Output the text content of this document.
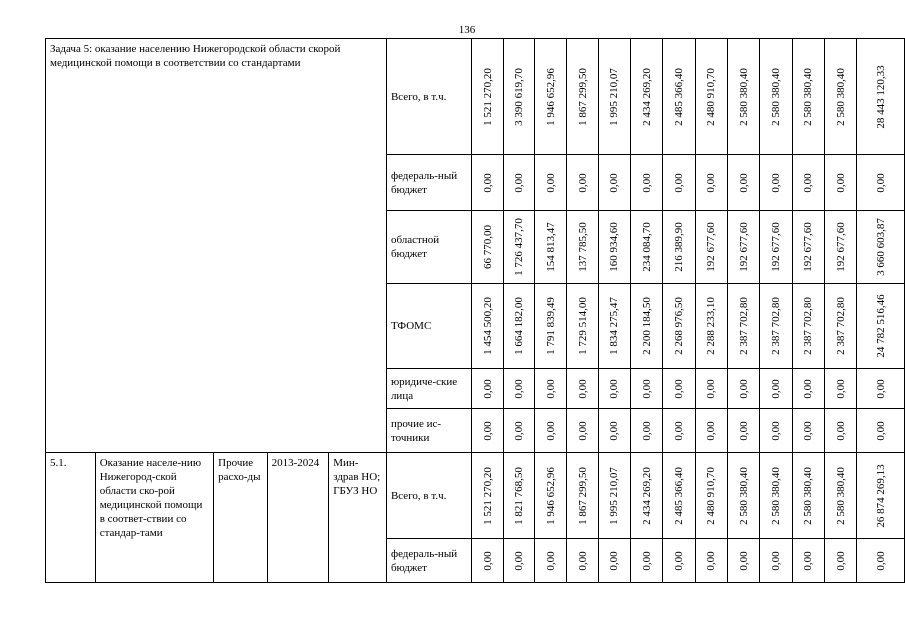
136
Задача 5: оказание населению Нижегородской области скорой медицинской помощи в соответствии со стандартами					Всего, в т.ч.	1 521 270,20	3 390 619,70	1 946 652,96	1 867 299,50	1 995 210,07	2 434 269,20	2 485 366,40	2 480 910,70	2 580 380,40	2 580 380,40	2 580 380,40	2 580 380,40	28 443 120,33

					федераль-ный бюджет	0,00	0,00	0,00	0,00	0,00	0,00	0,00	0,00	0,00	0,00	0,00	0,00	0,00

					областной бюджет	66 770,00	1 726 437,70	154 813,47	137 785,50	160 934,60	234 084,70	216 389,90	192 677,60	192 677,60	192 677,60	192 677,60	192 677,60	3 660 603,87

					ТФОМС	1 454 500,20	1 664 182,00	1 791 839,49	1 729 514,00	1 834 275,47	2 200 184,50	2 268 976,50	2 288 233,10	2 387 702,80	2 387 702,80	2 387 702,80	2 387 702,80	24 782 516,46

					юридиче-ские лица	0,00	0,00	0,00	0,00	0,00	0,00	0,00	0,00	0,00	0,00	0,00	0,00	0,00

					прочие ис-точники	0,00	0,00	0,00	0,00	0,00	0,00	0,00	0,00	0,00	0,00	0,00	0,00	0,00

5.1.	Оказание населе-нию Нижегород-ской области ско-рой медицинской помощи в соответ-ствии со стандар-тами	Прочие расхо-ды	2013-2024	Мин-здрав НО; ГБУЗ НО	Всего, в т.ч.	1 521 270,20	1 821 768,50	1 946 652,96	1 867 299,50	1 995 210,07	2 434 269,20	2 485 366,40	2 480 910,70	2 580 380,40	2 580 380,40	2 580 380,40	2 580 380,40	26 874 269,13

					федераль-ный бюджет	0,00	0,00	0,00	0,00	0,00	0,00	0,00	0,00	0,00	0,00	0,00	0,00	0,00
